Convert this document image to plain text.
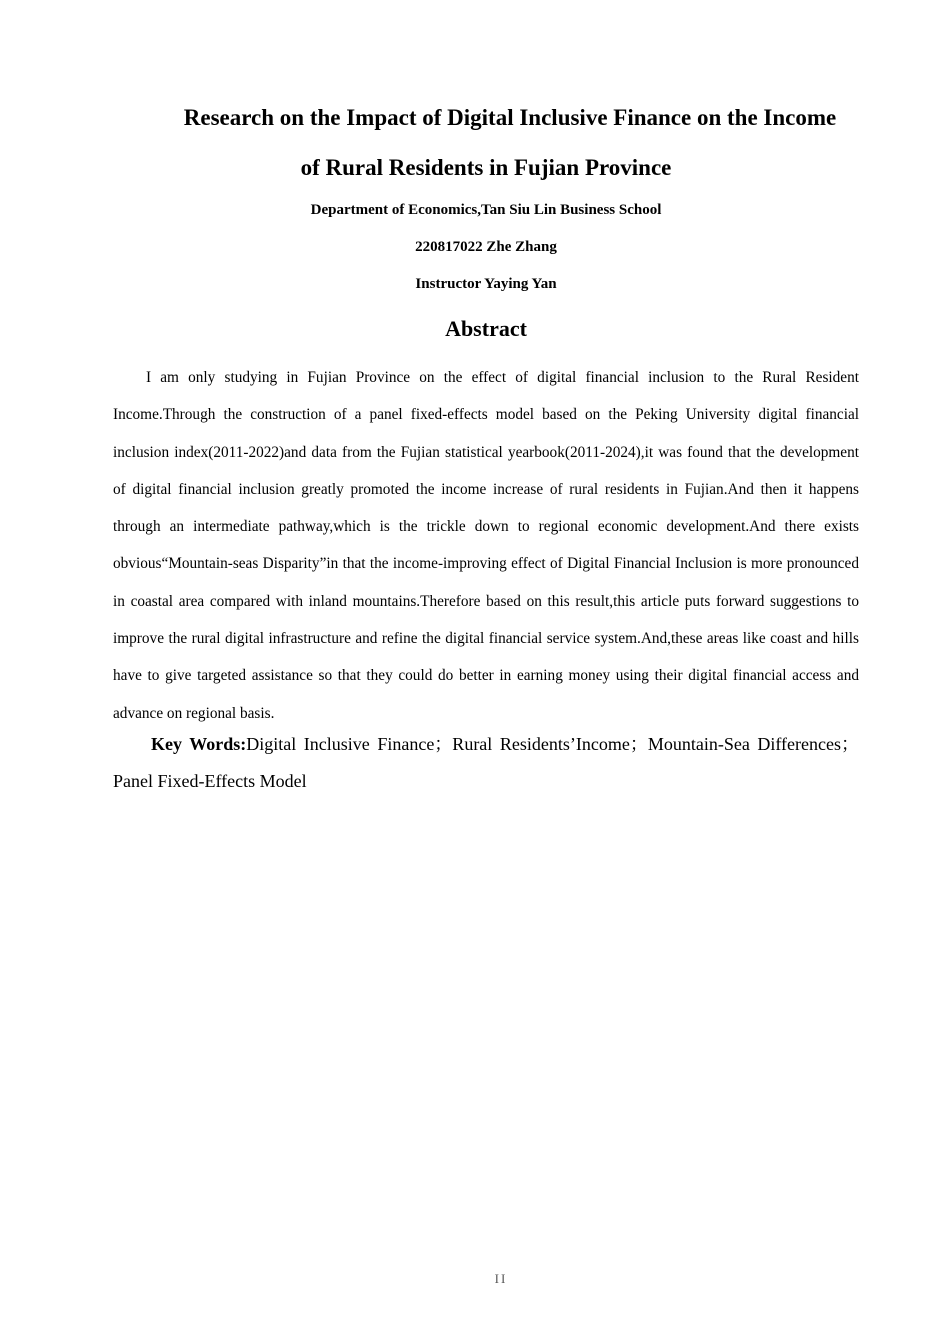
Research on the Impact of Digital Inclusive Finance on the Income
of Rural Residents in Fujian Province
Department of Economics,Tan Siu Lin Business School
220817022 Zhe Zhang
Instructor Yaying Yan
Abstract

I am only studying in Fujian Province on the effect of digital financial inclusion to the Rural Resident Income.Through the construction of a panel fixed-effects model based on the Peking University digital financial inclusion index(2011-2022)and data from the Fujian statistical yearbook(2011-2024),it was found that the development of digital financial inclusion greatly promoted the income increase of rural residents in Fujian.And then it happens through an intermediate pathway,which is the trickle down to regional economic development.And there exists obvious“Mountain-seas Disparity”in that the income-improving effect of Digital Financial Inclusion is more pronounced in coastal area compared with inland mountains.Therefore based on this result,this article puts forward suggestions to improve the rural digital infrastructure and refine the digital financial service system.And,these areas like coast and hills have to give targeted assistance so that they could do better in earning money using their digital financial access and advance on regional basis.

Key Words:Digital Inclusive Finance；Rural Residents’Income；Mountain-Sea Differences；Panel Fixed-Effects Model

II
